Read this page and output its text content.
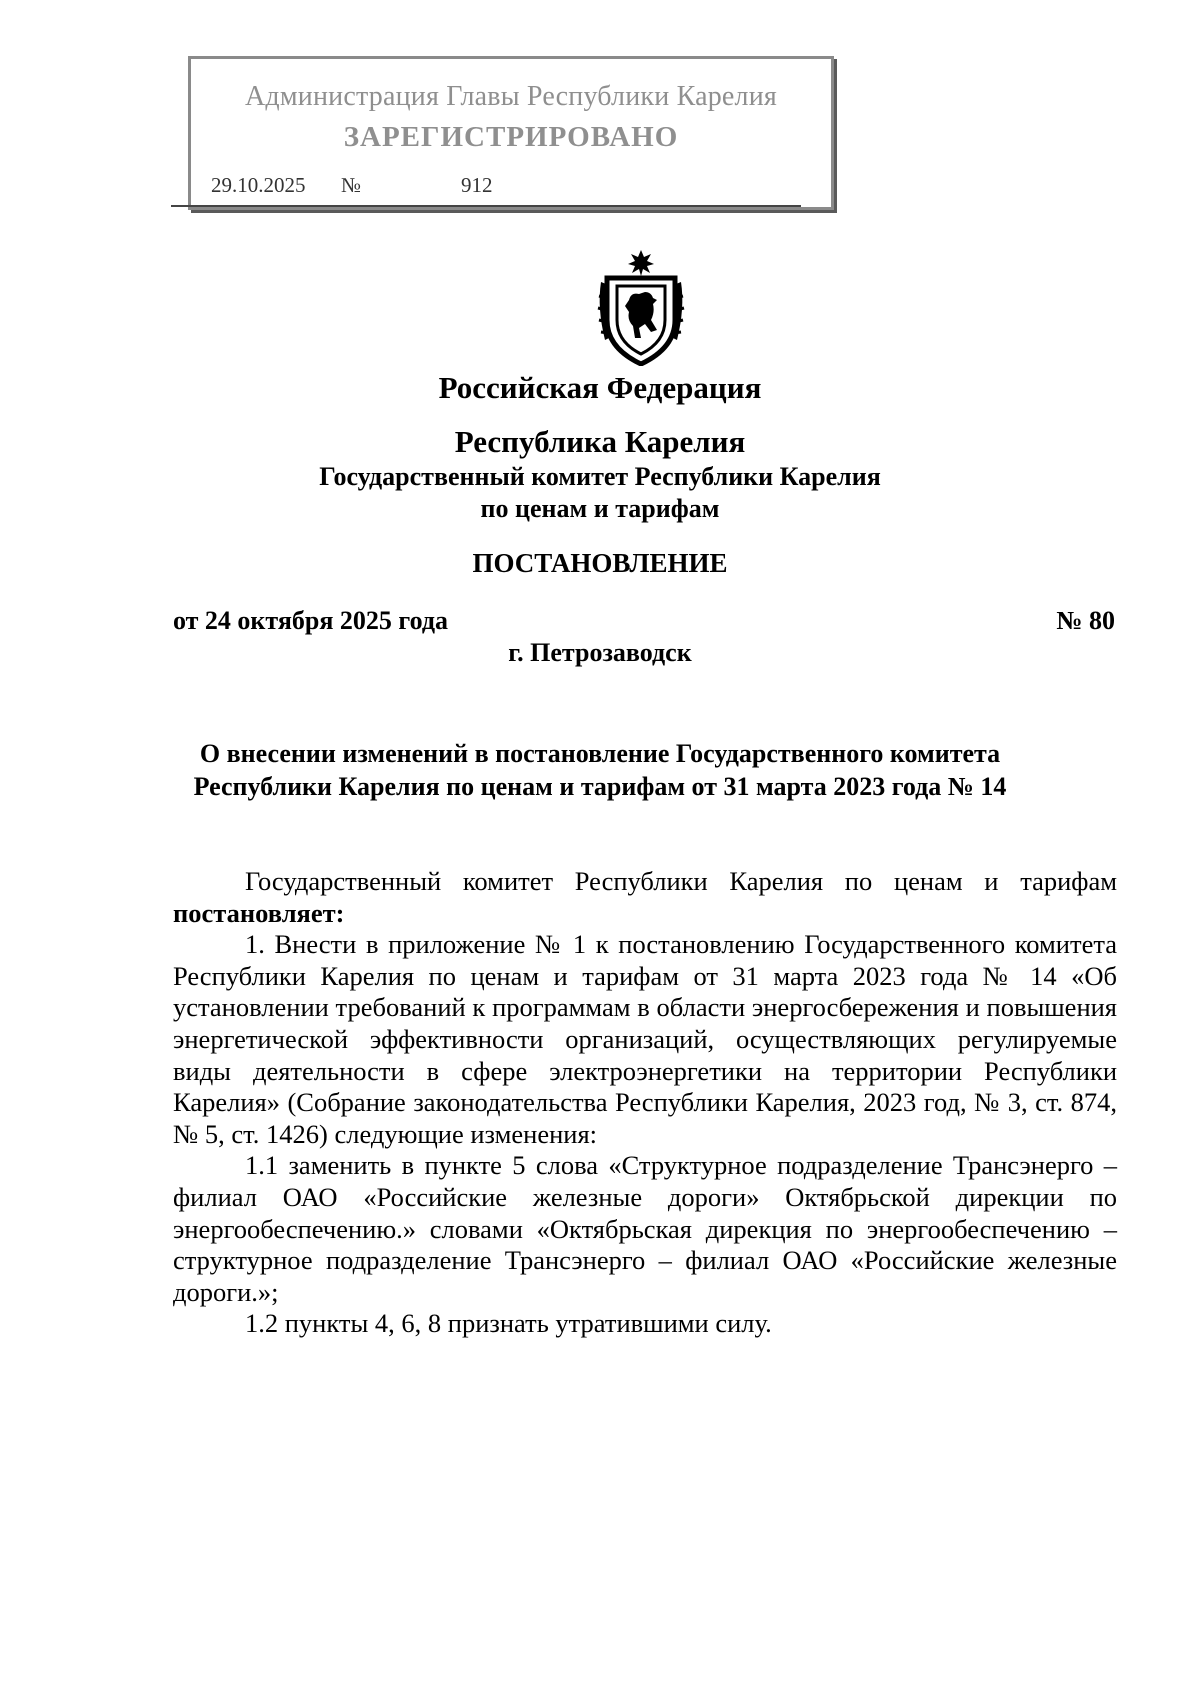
Администрация Главы Республики Карелия
ЗАРЕГИСТРИРОВАНО
29.10.2025 №	912
Российская Федерация
Республика Карелия
Государственный комитет Республики Карелия
по ценам и тарифам
ПОСТАНОВЛЕНИЕ
от 24 октября 2025 года	№ 80
г. Петрозаводск
О внесении изменений в постановление Государственного комитета
Республики Карелия по ценам и тарифам от 31 марта 2023 года № 14

Государственный комитет Республики Карелия по ценам и тарифам постановляет:

1. Внести в приложение № 1 к постановлению Государственного комитета Республики Карелия по ценам и тарифам от 31 марта 2023 года № 14 «Об установлении требований к программам в области энергосбережения и повышения энергетической эффективности организаций, осуществляющих регулируемые виды деятельности в сфере электроэнергетики на территории Республики Карелия» (Собрание законодательства Республики Карелия, 2023 год, № 3, ст. 874, № 5, ст. 1426) следующие изменения:

1.1 заменить в пункте 5 слова «Структурное подразделение Трансэнерго – филиал ОАО «Российские железные дороги» Октябрьской дирекции по энергообеспечению.» словами «Октябрьская дирекция по энергообеспечению – структурное подразделение Трансэнерго – филиал ОАО «Российские железные дороги.»;

1.2 пункты 4, 6, 8 признать утратившими силу.
